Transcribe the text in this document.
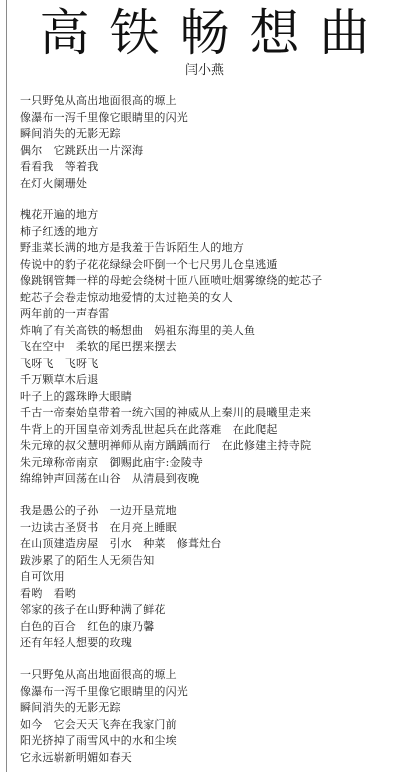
高铁畅想曲
闫小燕
一只野兔从高出地面很高的塬上
像瀑布一泻千里像它眼睛里的闪光
瞬间消失的无影无踪
偶尔　它跳跃出一片深海
看看我　等着我
在灯火阑珊处
槐花开遍的地方
柿子红透的地方
野韭菜长满的地方是我羞于告诉陌生人的地方
传说中的豹子花花绿绿会吓倒一个七尺男儿仓皇逃遁
像跳钢管舞一样的母蛇会绕树十匝八匝喷吐烟雾缭绕的蛇芯子
蛇芯子会卷走惊动地爱情的太过艳美的女人
两年前的一声春雷
炸响了有关高铁的畅想曲　妈祖东海里的美人鱼
飞在空中　柔软的尾巴摆来摆去
飞呀飞　飞呀飞
千万颗草木后退
叶子上的露珠睁大眼睛
千古一帝秦始皇带着一统六国的神威从上秦川的晨曦里走来
牛背上的开国皇帝刘秀乱世起兵在此落难　在此爬起
朱元璋的叔父慧明禅师从南方踽踽而行　在此修建主持寺院
朱元璋称帝南京　御赐此庙宇:金陵寺
绵绵钟声回荡在山谷　从清晨到夜晚
我是愚公的子孙　一边开垦荒地
一边读古圣贤书　在月亮上睡眠
在山顶建造房屋　引水　种菜　修葺灶台
跋涉累了的陌生人无须告知
自可饮用
看哟　看哟
邻家的孩子在山野种满了鲜花
白色的百合　红色的康乃馨
还有年轻人想要的玫瑰
一只野兔从高出地面很高的塬上
像瀑布一泻千里像它眼睛里的闪光
瞬间消失的无影无踪
如今　它会天天飞奔在我家门前
阳光挤掉了雨雪风中的水和尘埃
它永远崭新明媚如春天
